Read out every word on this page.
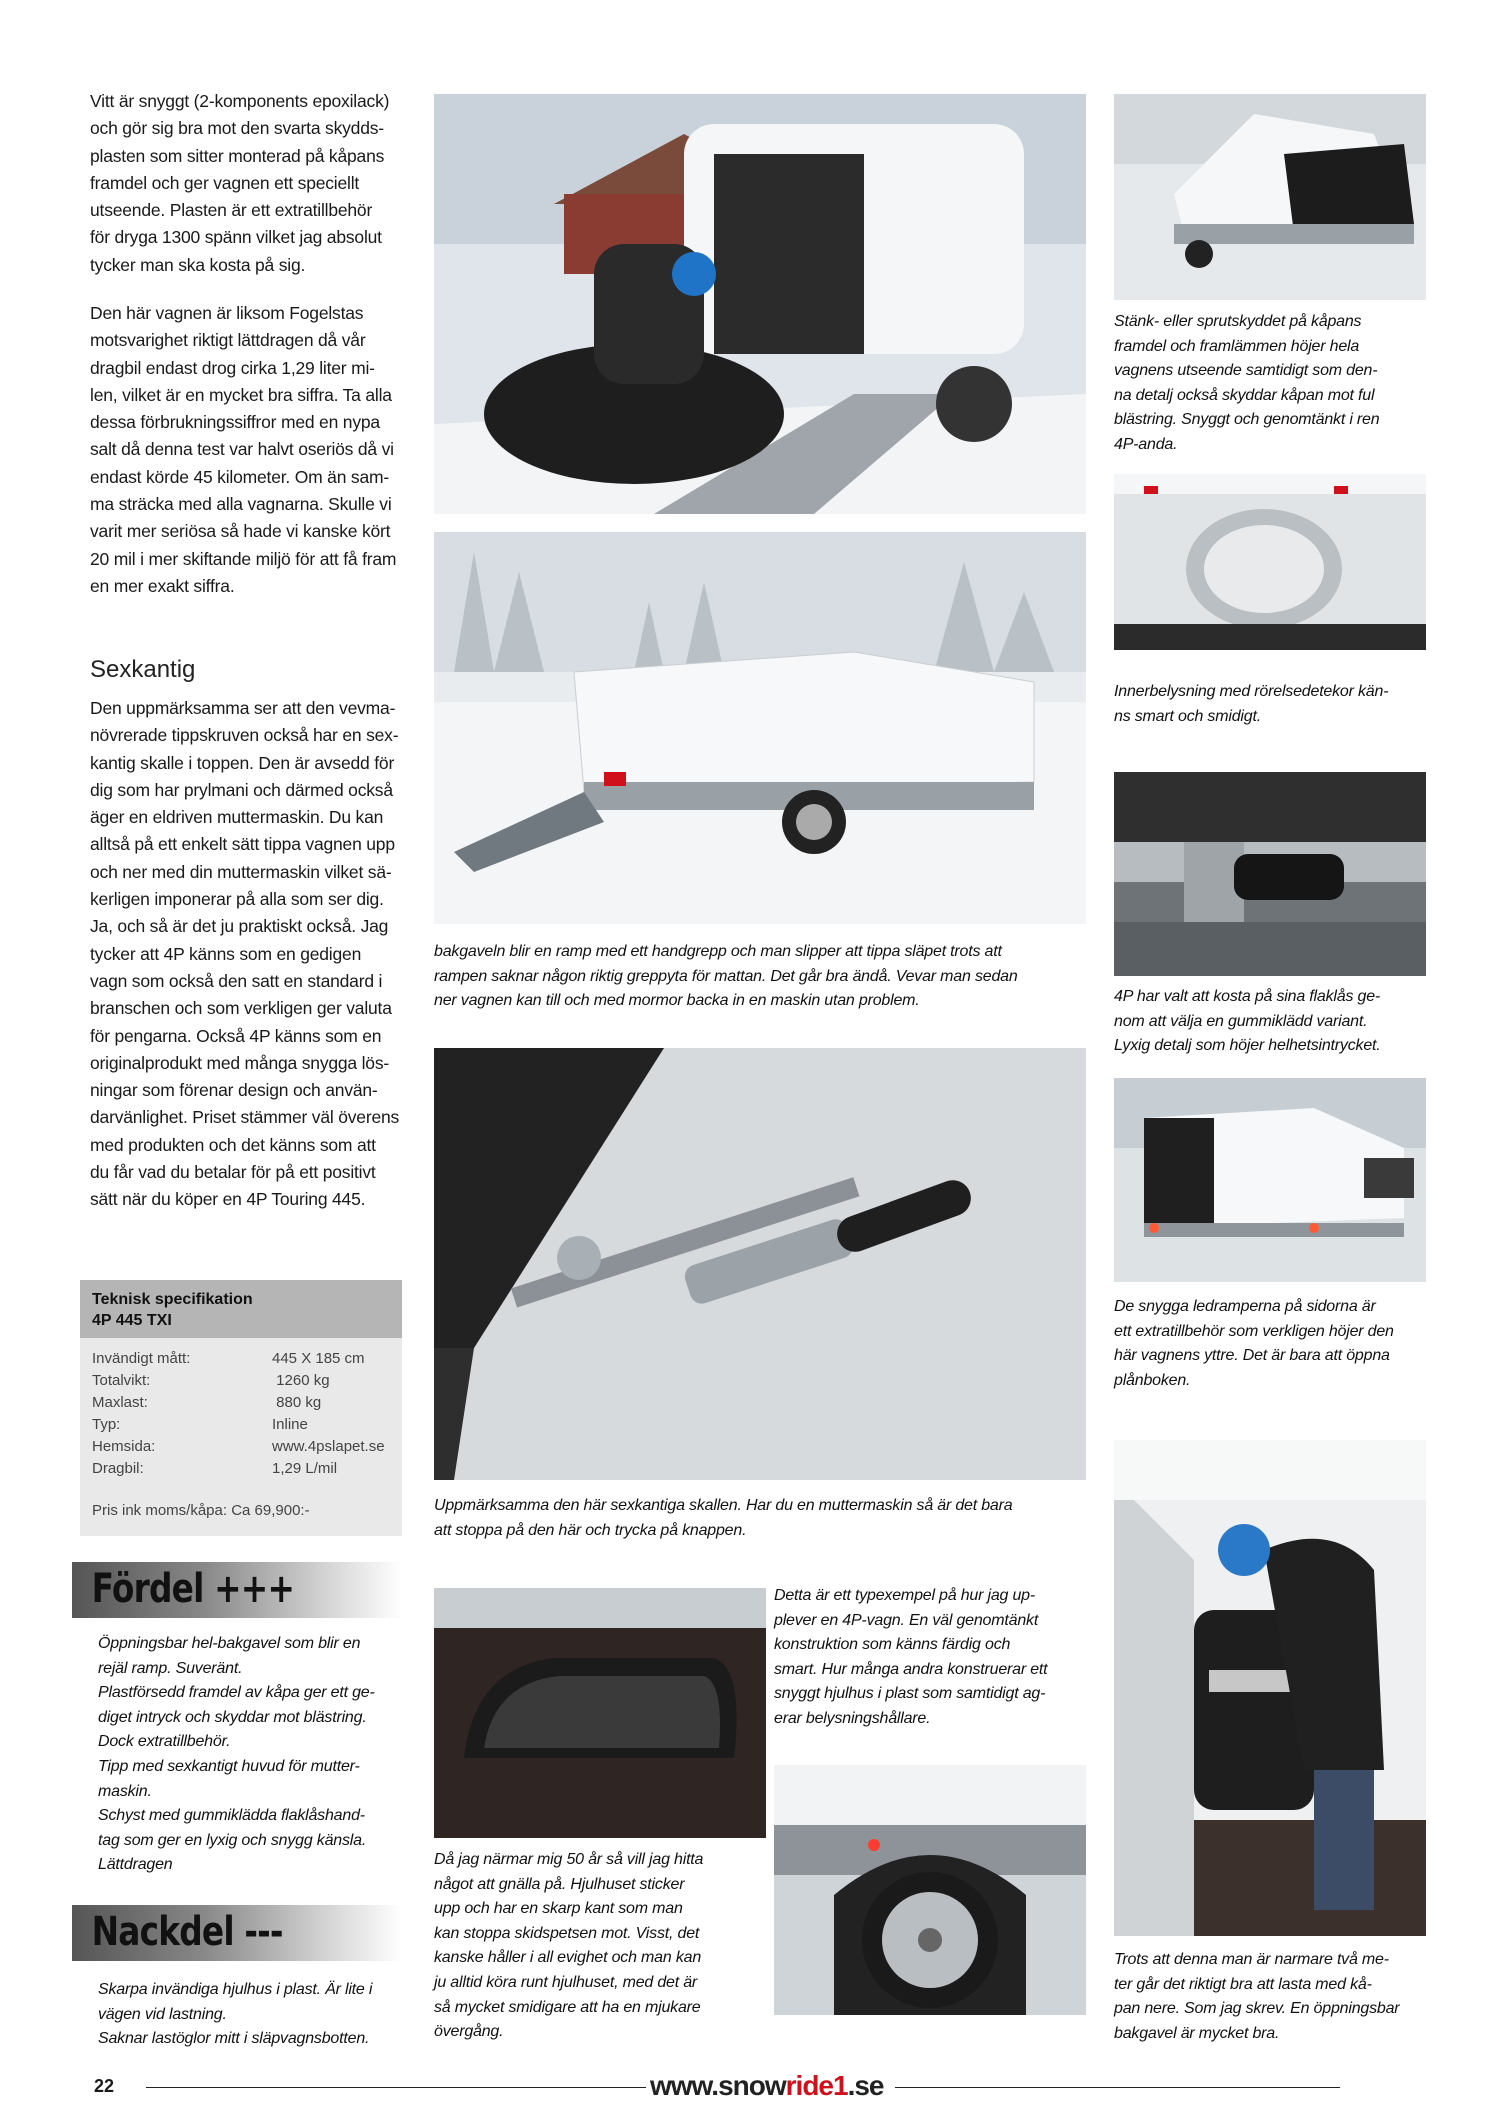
Vitt är snyggt (2-komponents epoxilack)
och gör sig bra mot den svarta skydds-
plasten som sitter monterad på kåpans
framdel och ger vagnen ett speciellt
utseende. Plasten är ett extratillbehör
för dryga 1300 spänn vilket jag absolut
tycker man ska kosta på sig.
Den här vagnen är liksom Fogelstas
motsvarighet riktigt lättdragen då vår
dragbil endast drog cirka 1,29 liter mi-
len, vilket är en mycket bra siffra. Ta alla
dessa förbrukningssiffror med en nypa
salt då denna test var halvt oseriös då vi
endast körde 45 kilometer. Om än sam-
ma sträcka med alla vagnarna. Skulle vi
varit mer seriösa så hade vi kanske kört
20 mil i mer skiftande miljö för att få fram
en mer exakt siffra.
Sexkantig
Den uppmärksamma ser att den vevma-
növrerade tippskruven också har en sex-
kantig skalle i toppen. Den är avsedd för
dig som har prylmani och därmed också
äger en eldriven muttermaskin. Du kan
alltså på ett enkelt sätt tippa vagnen upp
och ner med din muttermaskin vilket sä-
kerligen imponerar på alla som ser dig.
Ja, och så är det ju praktiskt också. Jag
tycker att 4P känns som en gedigen
vagn som också den satt en standard i
branschen och som verkligen ger valuta
för pengarna. Också 4P känns som en
originalprodukt med många snygga lös-
ningar som förenar design och använ-
darvänlighet. Priset stämmer väl överens
med produkten och det känns som att
du får vad du betalar för på ett positivt
sätt när du köper en 4P Touring 445.
Teknisk specifikation
4P 445 TXI
Invändigt mått:	445 X 185 cm
Totalvikt:	1260 kg
Maxlast:	880 kg
Typ:	Inline
Hemsida:	www.4pslapet.se
Dragbil:	1,29 L/mil
Pris ink moms/kåpa: Ca 69,900:-
Fördel +++
Öppningsbar hel-bakgavel som blir en
rejäl ramp. Suveränt.
Plastförsedd framdel av kåpa ger ett ge-
diget intryck och skyddar mot blästring.
Dock extratillbehör.
Tipp med sexkantigt huvud för mutter-
maskin.
Schyst med gummiklädda flaklåshand-
tag som ger en lyxig och snygg känsla.
Lättdragen
Nackdel ---
Skarpa invändiga hjulhus i plast. Är lite i
vägen vid lastning.
Saknar lastöglor mitt i släpvagnsbotten.
bakgaveln blir en ramp med ett handgrepp och man slipper att tippa släpet trots att
rampen saknar någon riktig greppyta för mattan. Det går bra ändå. Vevar man sedan
ner vagnen kan till och med mormor backa in en maskin utan problem.
Uppmärksamma den här sexkantiga skallen. Har du en muttermaskin så är det bara
att stoppa på den här och trycka på knappen.
Detta är ett typexempel på hur jag up-
plever en 4P-vagn. En väl genomtänkt
konstruktion som känns färdig och
smart. Hur många andra konstruerar ett
snyggt hjulhus i plast som samtidigt ag-
erar belysningshållare.
Då jag närmar mig 50 år så vill jag hitta
något att gnälla på. Hjulhuset sticker
upp och har en skarp kant som man
kan stoppa skidspetsen mot. Visst, det
kanske håller i all evighet och man kan
ju alltid köra runt hjulhuset, med det är
så mycket smidigare att ha en mjukare
övergång.
Stänk- eller sprutskyddet på kåpans
framdel och framlämmen höjer hela
vagnens utseende samtidigt som den-
na detalj också skyddar kåpan mot ful
blästring. Snyggt och genomtänkt i ren
4P-anda.
Innerbelysning med rörelsedetekor kän-
ns smart och smidigt.
4P har valt att kosta på sina flaklås ge-
nom att välja en gummiklädd variant.
Lyxig detalj som höjer helhetsintrycket.
De snygga ledramperna på sidorna är
ett extratillbehör som verkligen höjer den
här vagnens yttre. Det är bara att öppna
plånboken.
Trots att denna man är narmare två me-
ter går det riktigt bra att lasta med kå-
pan nere. Som jag skrev. En öppningsbar
bakgavel är mycket bra.
22	www.snowride1.se
